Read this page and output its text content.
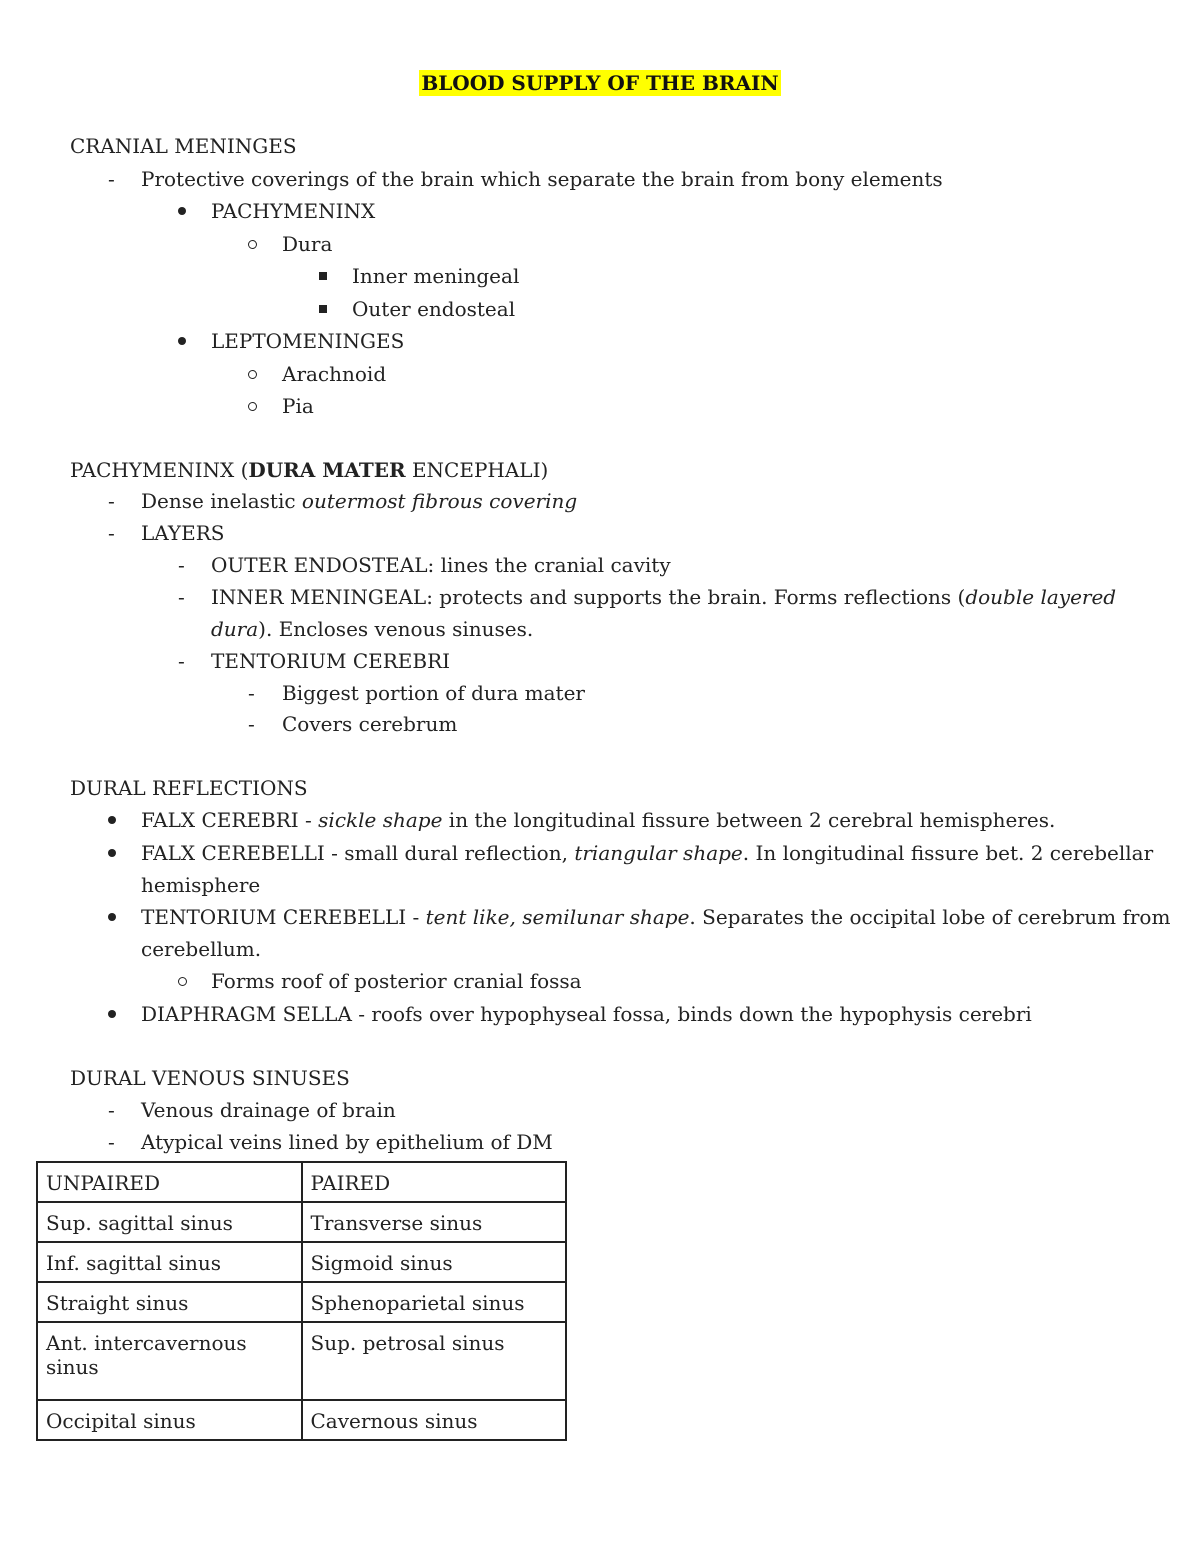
BLOOD SUPPLY OF THE BRAIN
CRANIAL MENINGES
-
Protective coverings of the brain which separate the brain from bony elements
PACHYMENINX
Dura
Inner meningeal
Outer endosteal
LEPTOMENINGES
Arachnoid
Pia
PACHYMENINX (DURA MATER ENCEPHALI)
-
Dense inelastic outermost fibrous covering
-
LAYERS
-
OUTER ENDOSTEAL: lines the cranial cavity
-
INNER MENINGEAL: protects and supports the brain. Forms reflections (double layered
dura). Encloses venous sinuses.
-
TENTORIUM CEREBRI
-
Biggest portion of dura mater
-
Covers cerebrum
DURAL REFLECTIONS
FALX CEREBRI - sickle shape in the longitudinal fissure between 2 cerebral hemispheres.
FALX CEREBELLI - small dural reflection, triangular shape. In longitudinal fissure bet. 2 cerebellar
hemisphere
TENTORIUM CEREBELLI - tent like, semilunar shape. Separates the occipital lobe of cerebrum from
cerebellum.
Forms roof of posterior cranial fossa
DIAPHRAGM SELLA - roofs over hypophyseal fossa, binds down the hypophysis cerebri
DURAL VENOUS SINUSES
-
Venous drainage of brain
-
Atypical veins lined by epithelium of DM
UNPAIRED	PAIRED
Sup. sagittal sinus	Transverse sinus
Inf. sagittal sinus	Sigmoid sinus
Straight sinus	Sphenoparietal sinus
Ant. intercavernous sinus	Sup. petrosal sinus
Occipital sinus	Cavernous sinus
